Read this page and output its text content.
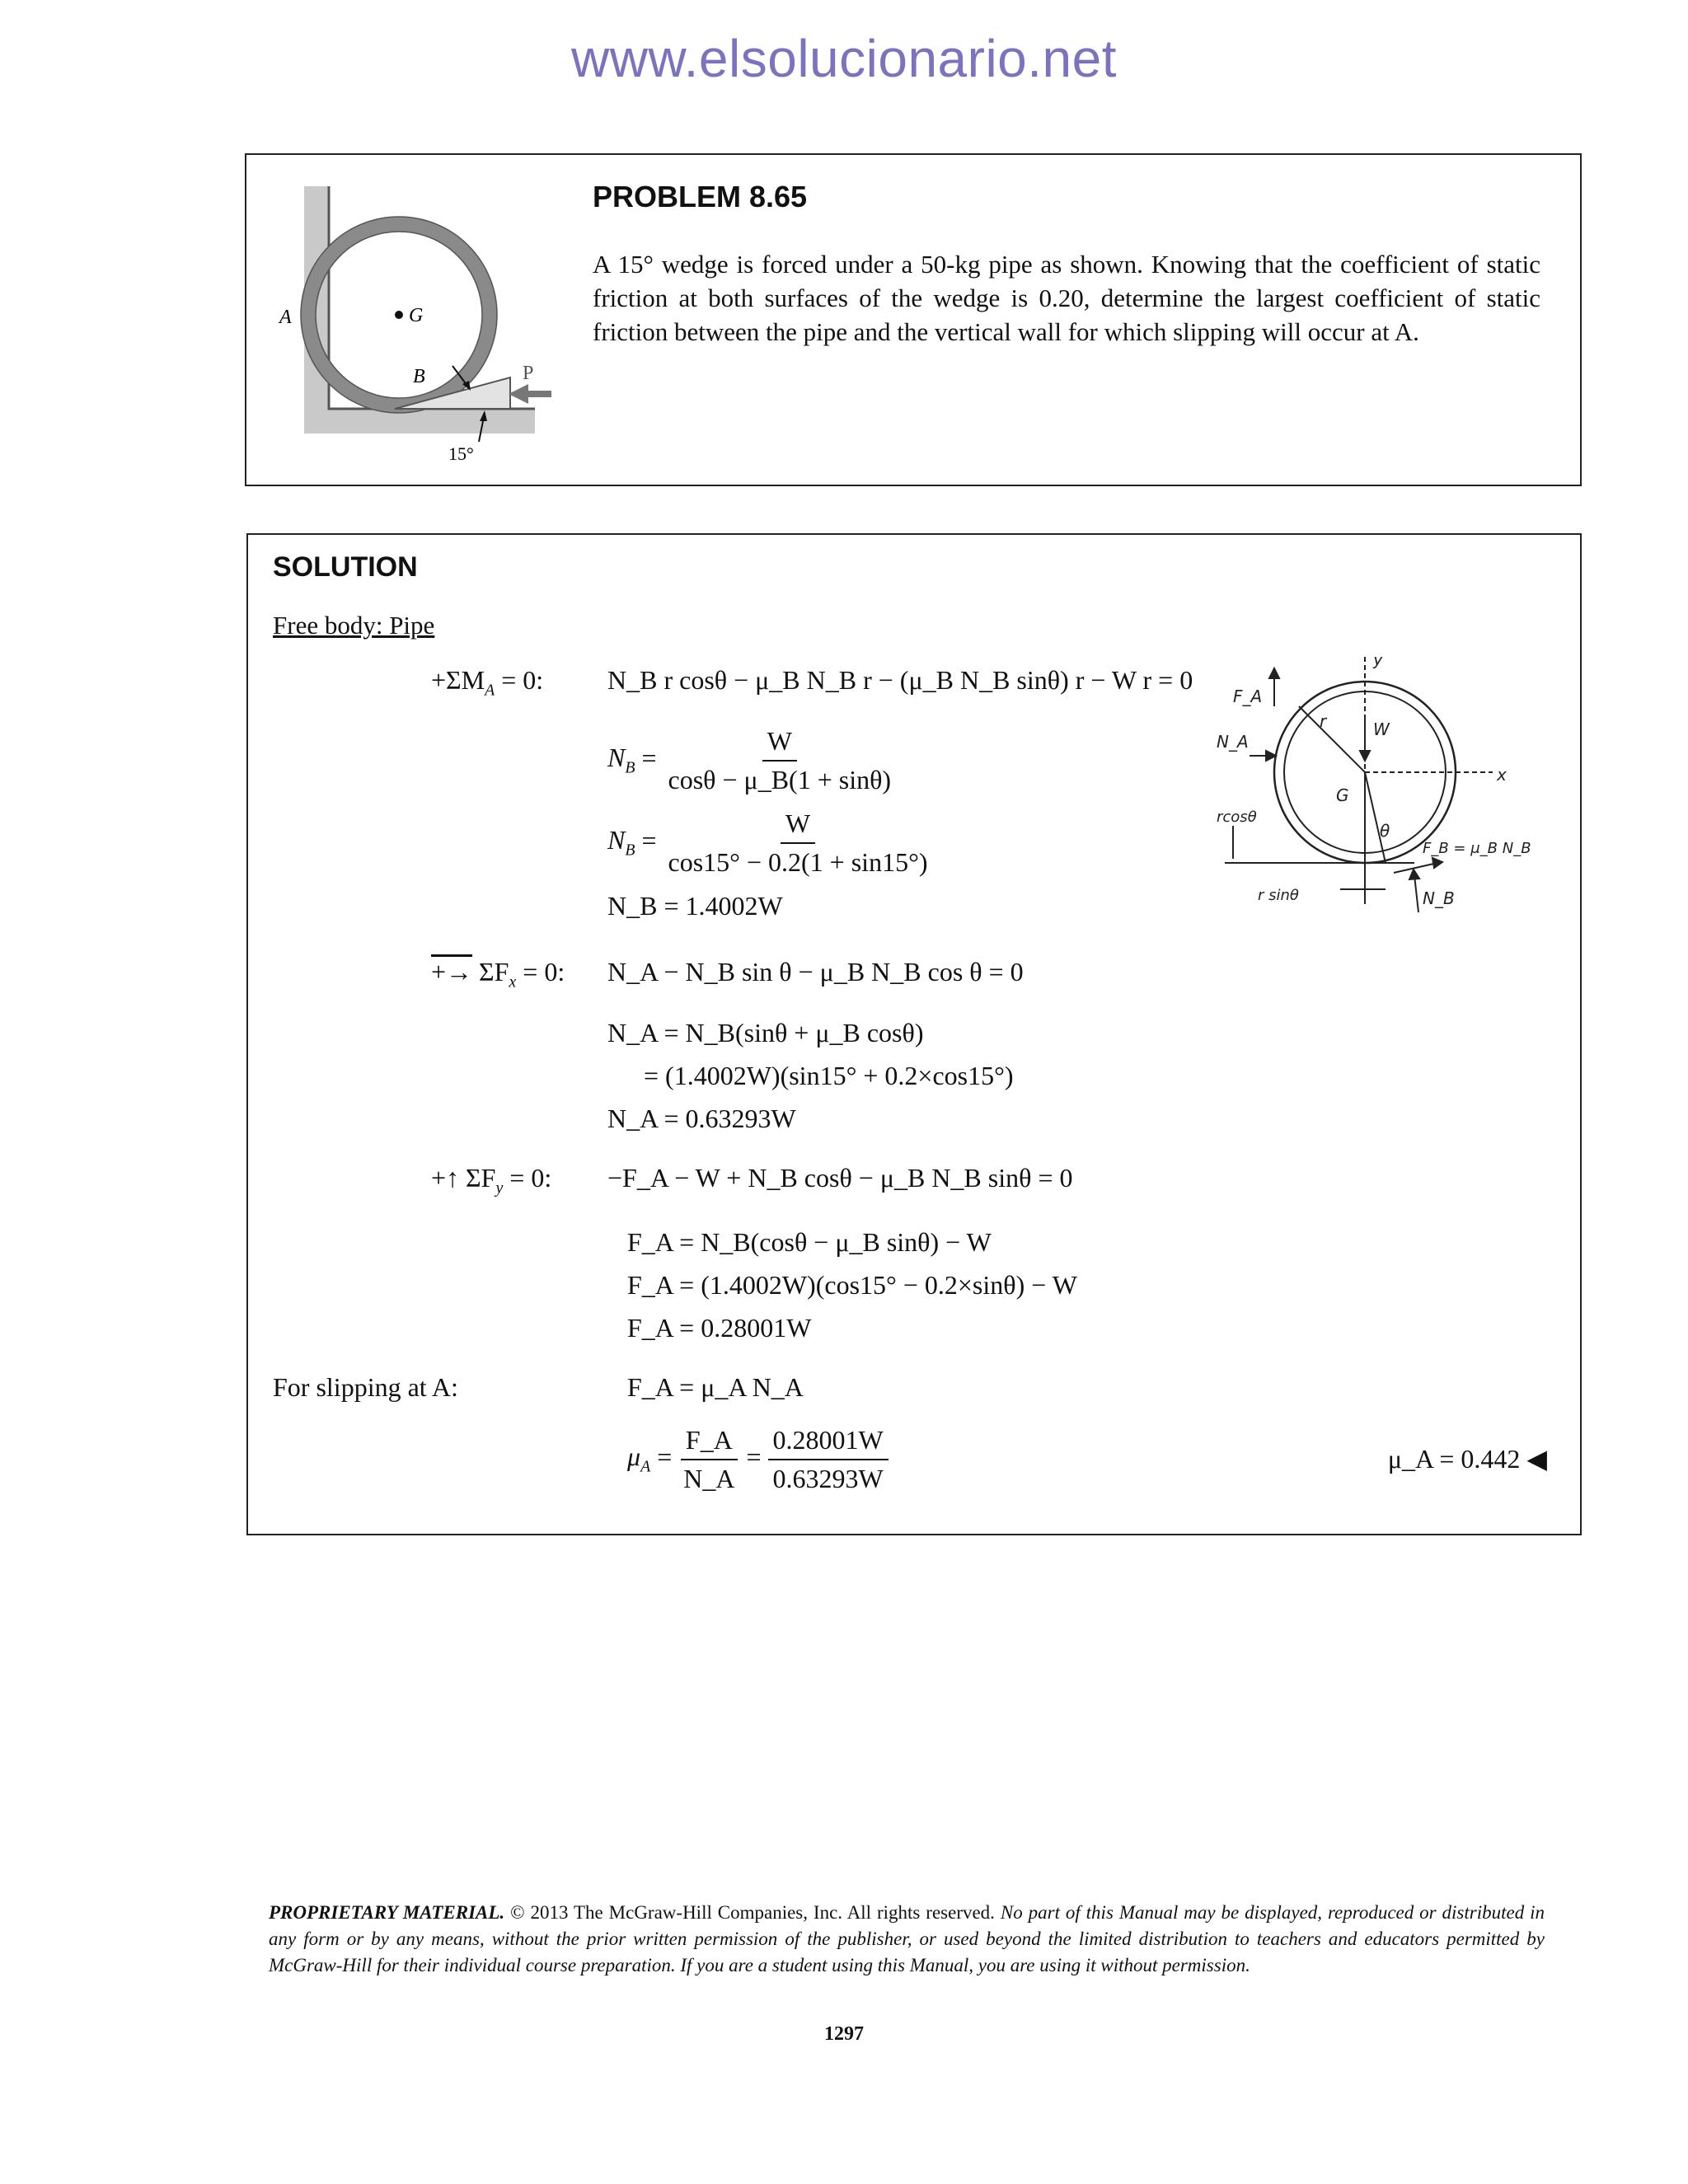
www.elsolucionario.net
G
A
B	P
15°
PROBLEM 8.65
A 15° wedge is forced under a 50-kg pipe as shown. Knowing that the coefficient of static friction at both surfaces of the wedge is 0.20, determine the largest coefficient of static friction between the pipe and the vertical wall for which slipping will occur at A.
SOLUTION
Free body: Pipe
$+\Sigma M_A = 0$: N_B r cosθ − μ_B N_B r − (μ_B N_B sinθ) r − W r = 0
$N_B = \frac{W}{\cos\theta - \mu\_B(1 + \sin\theta)}$
$N_B = \frac{W}{\cos 15^\circ - 0.2(1 + \sin 15^\circ)}$
N_B = 1.4002W
+→ $\Sigma F_x = 0$: N_A − N_B sin θ − μ_B N_B cos θ = 0
N_A = N_B(sinθ + μ_B cosθ)
= (1.4002W)(sin15° + 0.2×cos15°)
N_A = 0.63293W
+↑ $\Sigma F_y = 0$: −F_A − W + N_B cosθ − μ_B N_B sinθ = 0
F_A = N_B(cosθ − μ_B sinθ) − W
F_A = (1.4002W)(cos15° − 0.2×sinθ) − W
F_A = 0.28001W
For slipping at A:	F_A = μ_A N_A
$\mu_A = \frac{F\_A}{N\_A} = \frac{0.28001W}{0.63293W}$	μ_A = 0.442 ◀
y
x
W
G
r
F_A
N_A
rcosθ
r sinθ
θ
F_B = μ_B N_B
N_B
PROPRIETARY MATERIAL. © 2013 The McGraw-Hill Companies, Inc. All rights reserved. No part of this Manual may be displayed, reproduced or distributed in any form or by any means, without the prior written permission of the publisher, or used beyond the limited distribution to teachers and educators permitted by McGraw-Hill for their individual course preparation. If you are a student using this Manual, you are using it without permission.
1297
